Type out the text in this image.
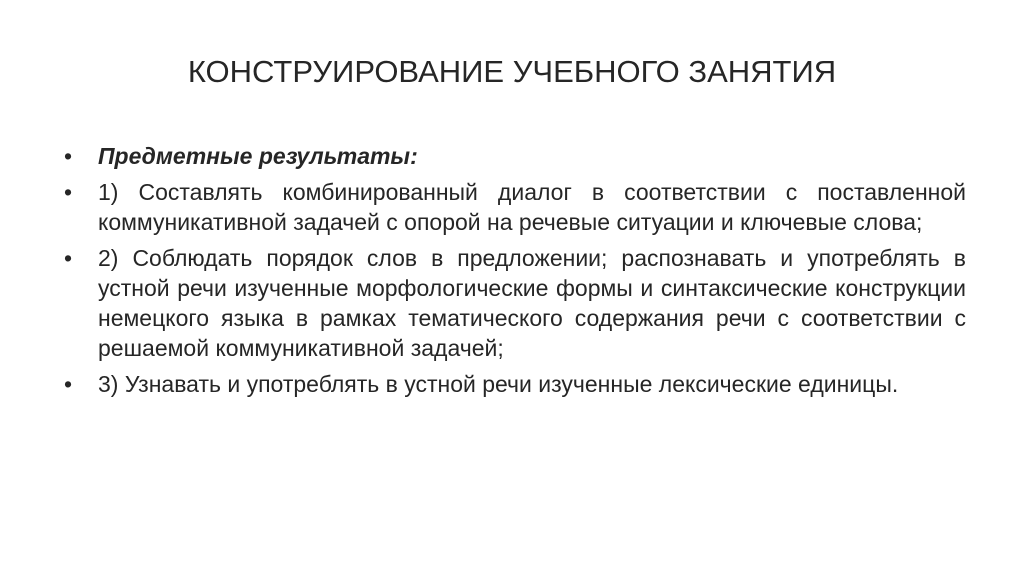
КОНСТРУИРОВАНИЕ УЧЕБНОГО ЗАНЯТИЯ
•	Предметные результаты:
•	1) Составлять комбинированный диалог в соответствии с поставленной коммуникативной задачей с опорой на речевые ситуации и ключевые слова;
•	2) Соблюдать порядок слов в предложении; распознавать и употреблять в устной речи изученные морфологические формы и синтаксические конструкции немецкого языка в рамках тематического содержания речи с соответствии с решаемой коммуникативной задачей;
•	3) Узнавать и употреблять в устной речи изученные лексические единицы.
